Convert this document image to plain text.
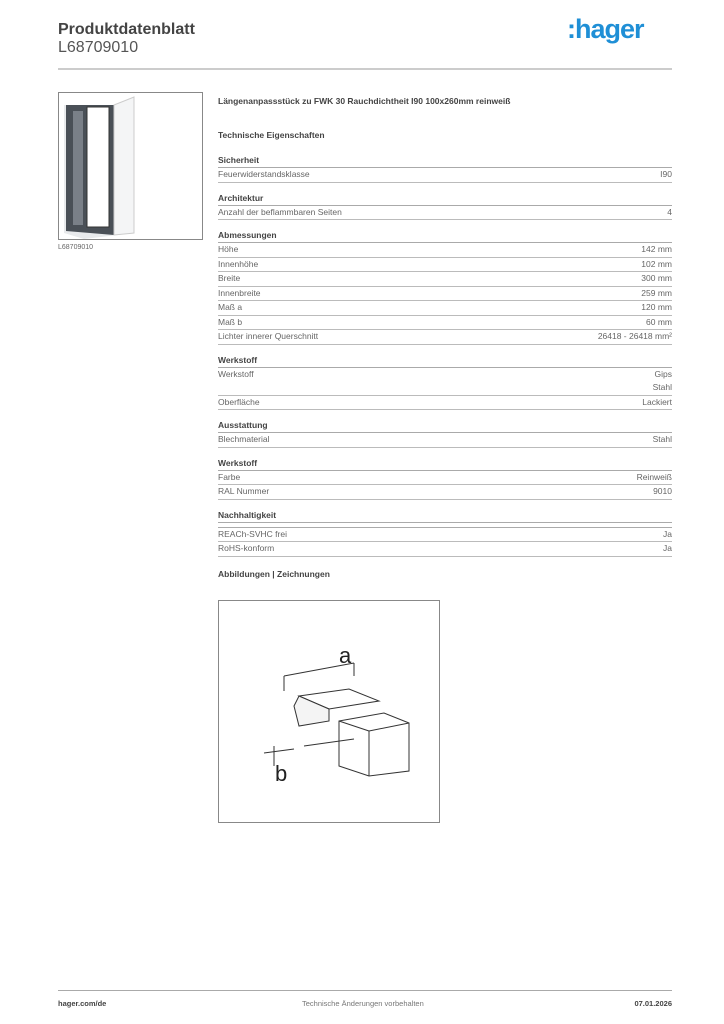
Produktdatenblatt
L68709010
:hager
L68709010
Längenanpassstück zu FWK 30 Rauchdichtheit I90 100x260mm reinweiß
Technische Eigenschaften
Sicherheit
Feuerwiderstandsklasse	I90
Architektur
Anzahl der beflammbaren Seiten	4
Abmessungen
Höhe	142 mm
Innenhöhe	102 mm
Breite	300 mm
Innenbreite	259 mm
Maß a	120 mm
Maß b	60 mm
Lichter innerer Querschnitt	26418 - 26418 mm²
Werkstoff
Werkstoff	Gips
Stahl
Oberfläche	Lackiert
Ausstattung
Blechmaterial	Stahl
Werkstoff
Farbe	Reinweiß
RAL Nummer	9010
Nachhaltigkeit
REACh-SVHC frei	Ja
RoHS-konform	Ja
Abbildungen | Zeichnungen
a
b
hager.com/de	Technische Änderungen vorbehalten	07.01.2026
